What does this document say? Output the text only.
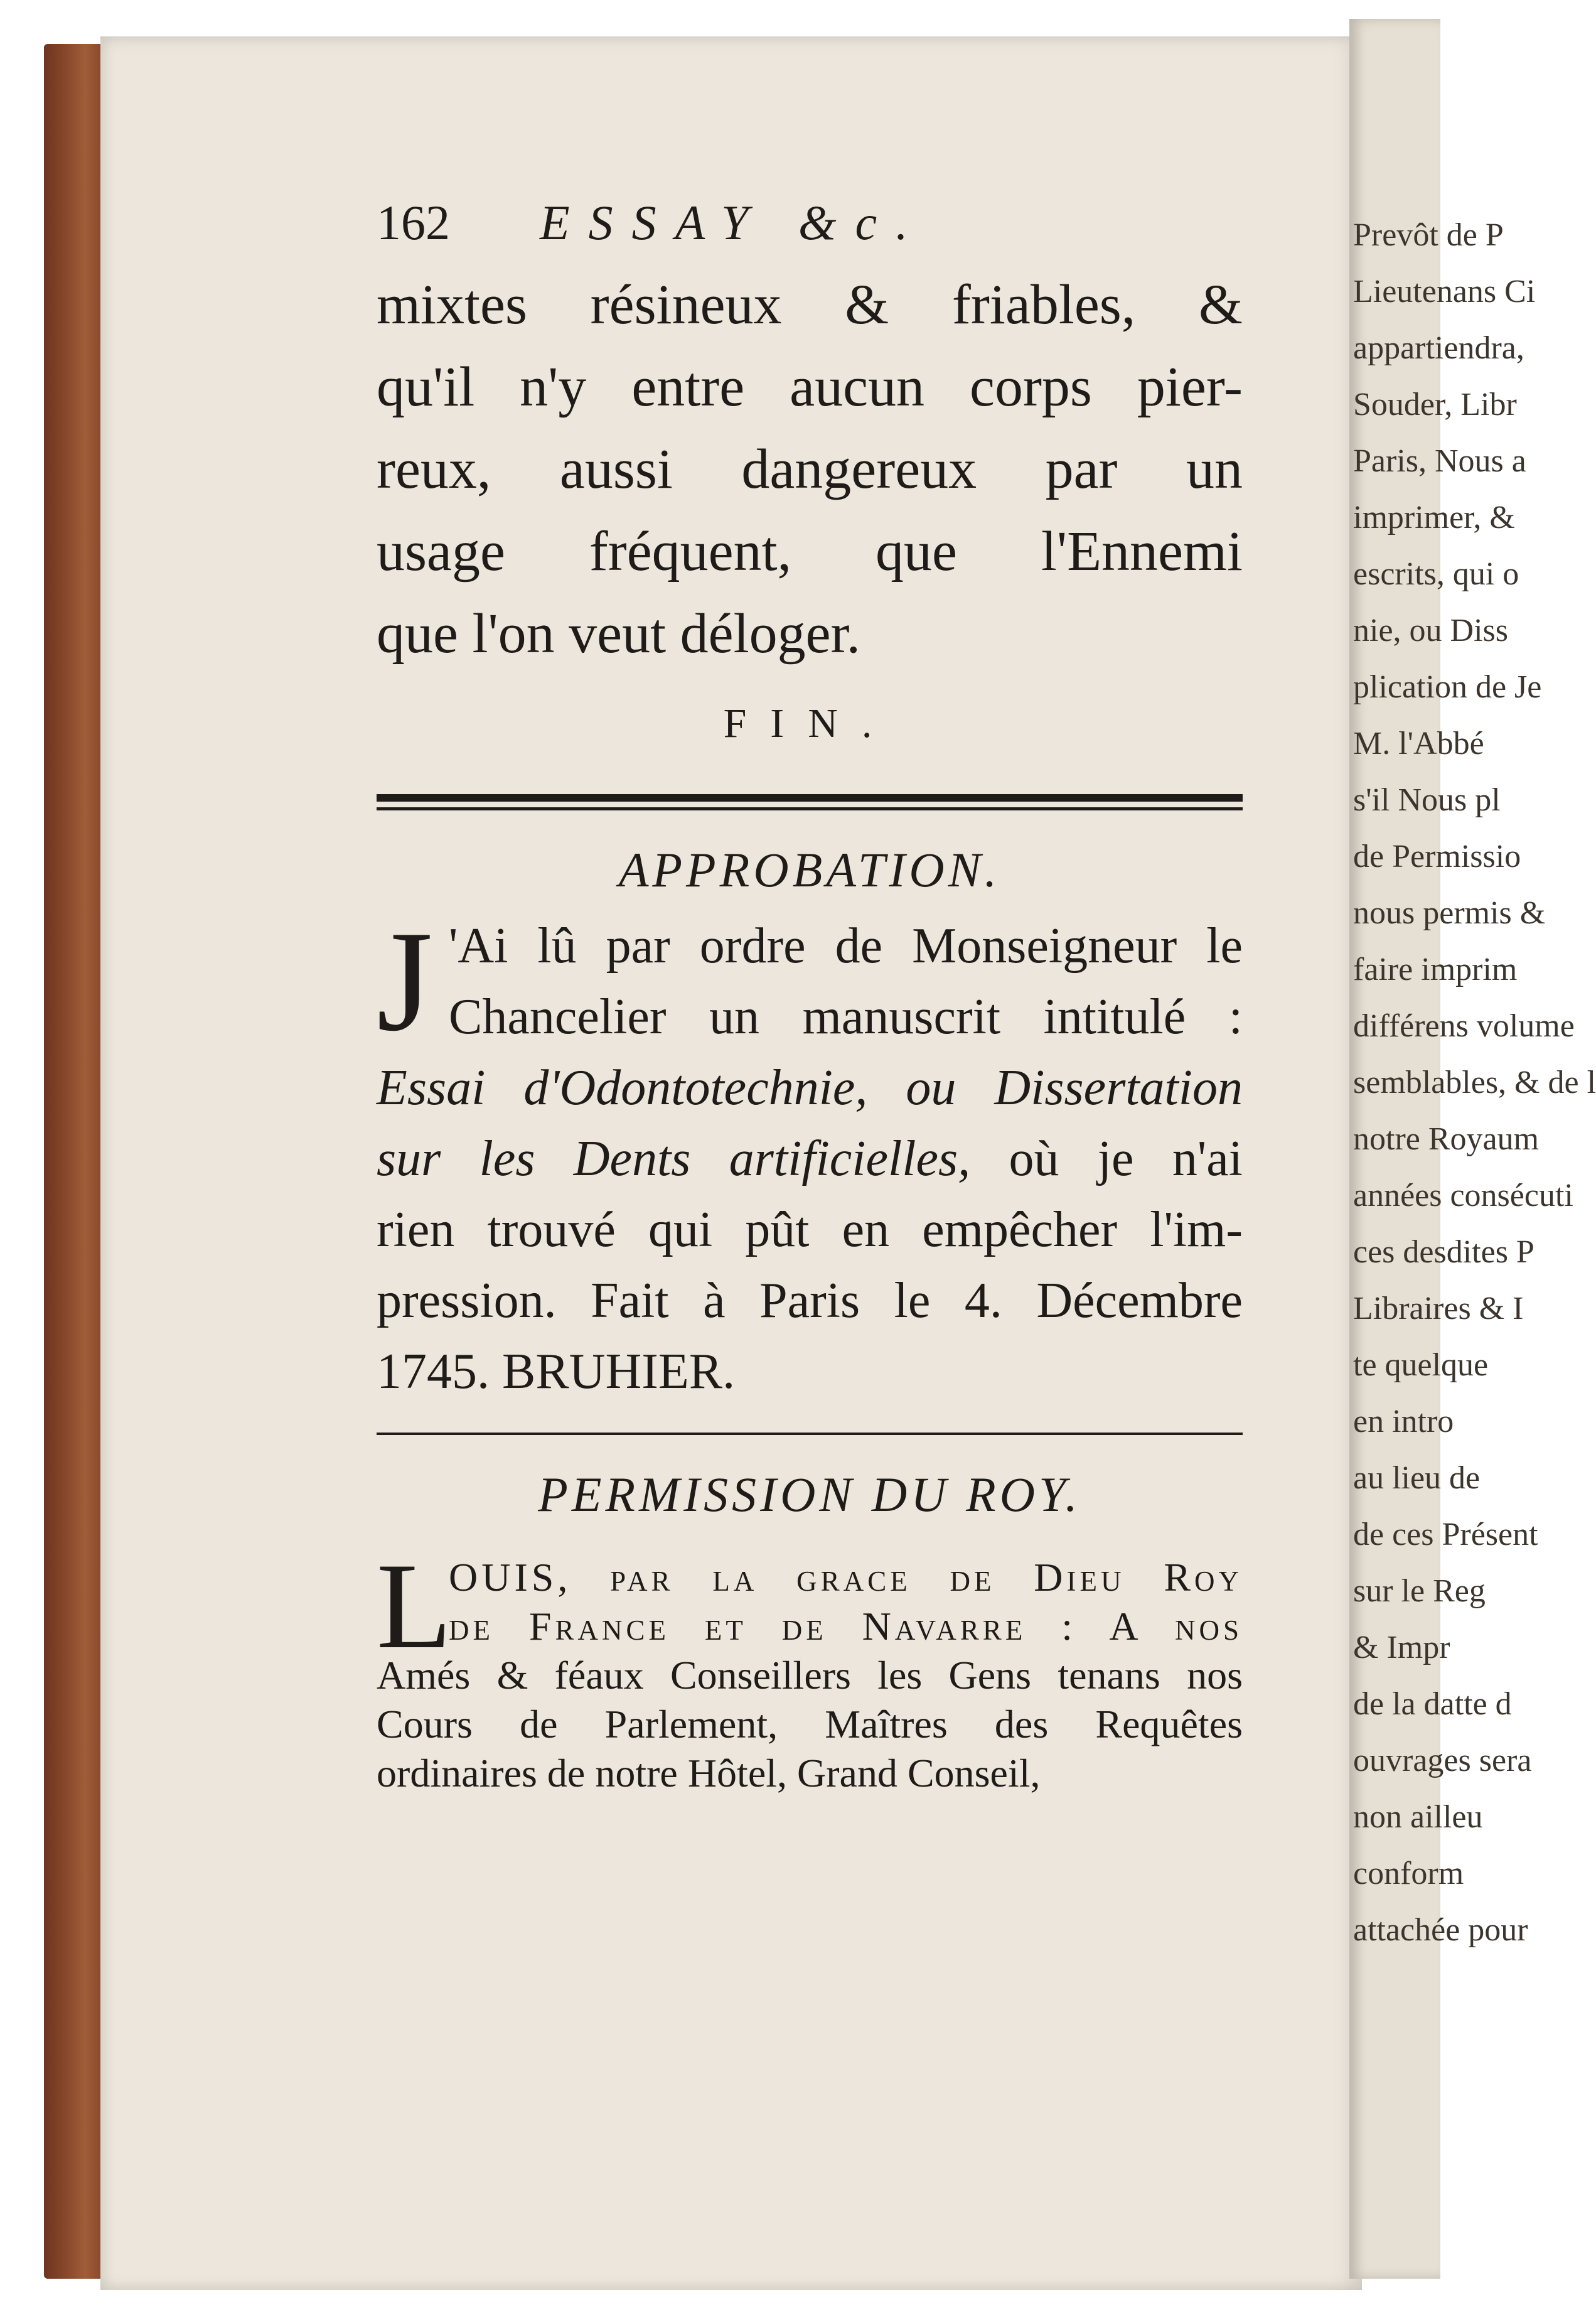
Prevôt de P
Lieutenans Ci
appartiendra,
Souder, Libr
Paris, Nous a
imprimer, &
escrits, qui o
nie, ou Diss
plication de Je
M. l'Abbé
s'il Nous pl
de Permissio
nous permis &
faire imprim
différens volume
semblables, & de l
notre Royaum
années consécuti
ces desdites P
Libraires & I
te quelque
en intro
au lieu de
de ces Présent
sur le Reg
& Impr
de la datte d
ouvrages sera
non ailleu
conform
attachée pour
162	ESSAY &c.
mixtes résineux & friables, &
qu'il n'y entre aucun corps pier-
reux, aussi dangereux par un
usage fréquent, que l'Ennemi
que l'on veut déloger.
FIN.
APPROBATION.
J 'Ai lû par ordre de Monseigneur le
Chancelier un manuscrit intitulé :
Essai d'Odontotechnie, ou Dissertation
sur les Dents artificielles, où je n'ai
rien trouvé qui pût en empêcher l'im-
pression. Fait à Paris le 4. Décembre
1745. BRUHIER.
PERMISSION DU ROY.
L
OUIS, par la grace de Dieu Roy
de France et de Navarre : A nos
Amés & féaux Conseillers les Gens tenans nos
Cours de Parlement, Maîtres des Requêtes
ordinaires de notre Hôtel, Grand Conseil,
